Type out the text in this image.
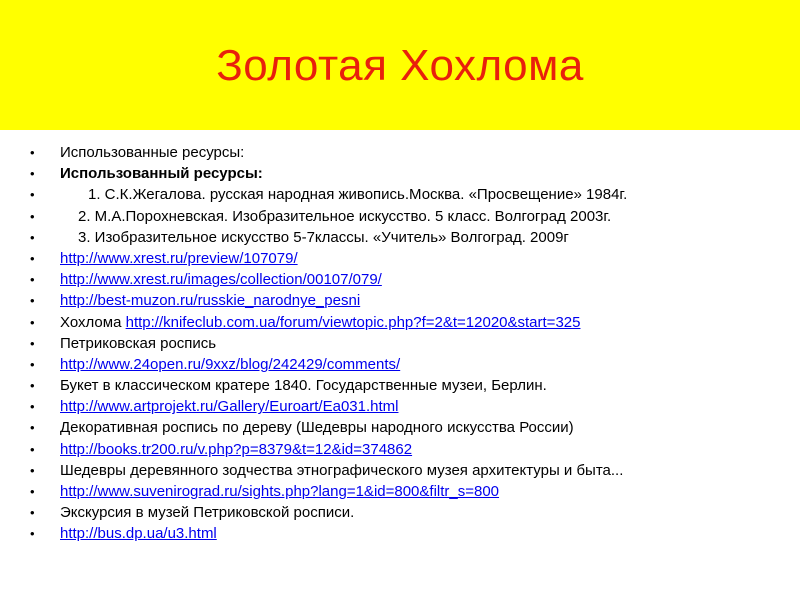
Золотая Хохлома
•	Использованные ресурсы:
•	Использованный ресурсы:
•	1. С.К.Жегалова. русская народная живопись.Москва. «Просвещение» 1984г.
•	2. М.А.Порохневская. Изобразительное искусство. 5 класс. Волгоград 2003г.
•	3. Изобразительное искусство 5-7классы. «Учитель» Волгоград. 2009г
•	http://www.xrest.ru/preview/107079/
•	http://www.xrest.ru/images/collection/00107/079/
•	http://best-muzon.ru/russkie_narodnye_pesni
•	Хохлома http://knifeclub.com.ua/forum/viewtopic.php?f=2&t=12020&start=325
•	Петриковская роспись
•	http://www.24open.ru/9xxz/blog/242429/comments/
•	Букет в классическом кратере 1840. Государственные музеи, Берлин.
•	http://www.artprojekt.ru/Gallery/Euroart/Ea031.html
•	Декоративная роспись по дереву (Шедевры народного искусства России)
•	http://books.tr200.ru/v.php?p=8379&t=12&id=374862
•	Шедевры деревянного зодчества этнографического музея архитектуры и быта...
•	http://www.suvenirograd.ru/sights.php?lang=1&id=800&filtr_s=800
•	Экскурсия в музей Петриковской росписи.
•	http://bus.dp.ua/u3.html
